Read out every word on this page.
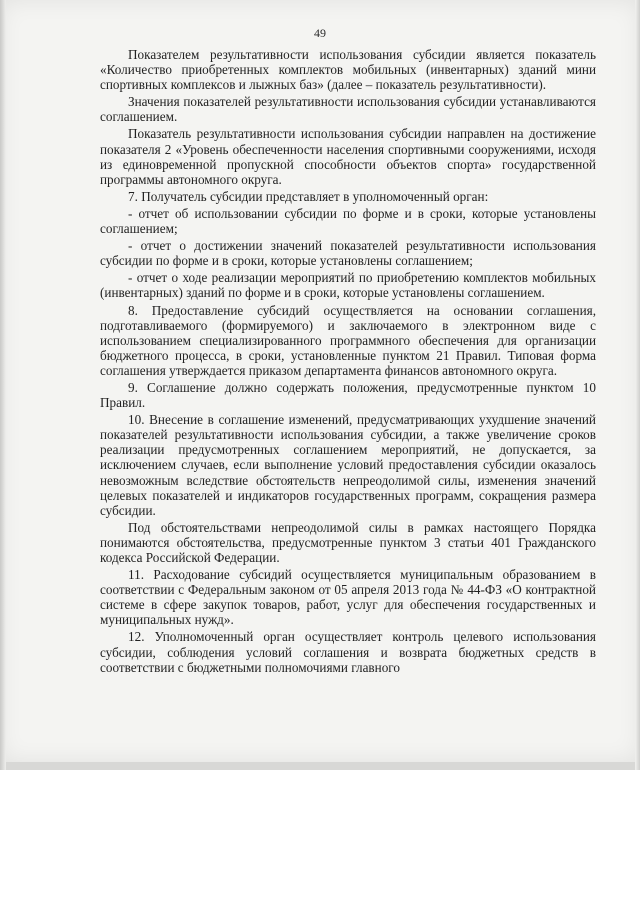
49

Показателем результативности использования субсидии является показатель «Количество приобретенных комплектов мобильных (инвентарных) зданий мини спортивных комплексов и лыжных баз» (далее – показатель результативности).

Значения показателей результативности использования субсидии устанавливаются соглашением.

Показатель результативности использования субсидии направлен на достижение показателя 2 «Уровень обеспеченности населения спортивными сооружениями, исходя из единовременной пропускной способности объектов спорта» государственной программы автономного округа.

7. Получатель субсидии представляет в уполномоченный орган:

- отчет об использовании субсидии по форме и в сроки, которые установлены соглашением;

- отчет о достижении значений показателей результативности использования субсидии по форме и в сроки, которые установлены соглашением;

- отчет о ходе реализации мероприятий по приобретению комплектов мобильных (инвентарных) зданий по форме и в сроки, которые установлены соглашением.

8. Предоставление субсидий осуществляется на основании соглашения, подготавливаемого (формируемого) и заключаемого в электронном виде с использованием специализированного программного обеспечения для организации бюджетного процесса, в сроки, установленные пунктом 21 Правил. Типовая форма соглашения утверждается приказом департамента финансов автономного округа.

9. Соглашение должно содержать положения, предусмотренные пунктом 10 Правил.

10. Внесение в соглашение изменений, предусматривающих ухудшение значений показателей результативности использования субсидии, а также увеличение сроков реализации предусмотренных соглашением мероприятий, не допускается, за исключением случаев, если выполнение условий предоставления субсидии оказалось невозможным вследствие обстоятельств непреодолимой силы, изменения значений целевых показателей и индикаторов государственных программ, сокращения размера субсидии.

Под обстоятельствами непреодолимой силы в рамках настоящего Порядка понимаются обстоятельства, предусмотренные пунктом 3 статьи 401 Гражданского кодекса Российской Федерации.

11. Расходование субсидий осуществляется муниципальным образованием в соответствии с Федеральным законом от 05 апреля 2013 года № 44-ФЗ «О контрактной системе в сфере закупок товаров, работ, услуг для обеспечения государственных и муниципальных нужд».

12. Уполномоченный орган осуществляет контроль целевого использования субсидии, соблюдения условий соглашения и возврата бюджетных средств в соответствии с бюджетными полномочиями главного
